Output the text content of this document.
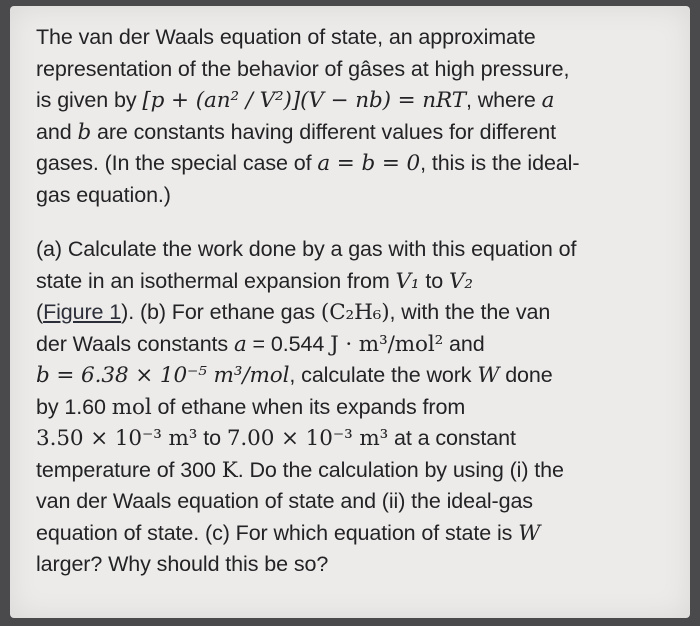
The van der Waals equation of state, an approximate
representation of the behavior of gâses at high pressure,
is given by [p + (an² / V²)](V − nb) = nRT, where a
and b are constants having different values for different
gases. (In the special case of a = b = 0, this is the ideal-
gas equation.)
(a) Calculate the work done by a gas with this equation of
state in an isothermal expansion from V₁ to V₂
(Figure 1). (b) For ethane gas (C₂H₆), with the the van
der Waals constants a = 0.544 J · m³/mol² and
b = 6.38 × 10⁻⁵ m³/mol, calculate the work W done
by 1.60 mol of ethane when its expands from
3.50 × 10⁻³ m³ to 7.00 × 10⁻³ m³ at a constant
temperature of 300 K. Do the calculation by using (i) the
van der Waals equation of state and (ii) the ideal-gas
equation of state. (c) For which equation of state is W
larger? Why should this be so?
